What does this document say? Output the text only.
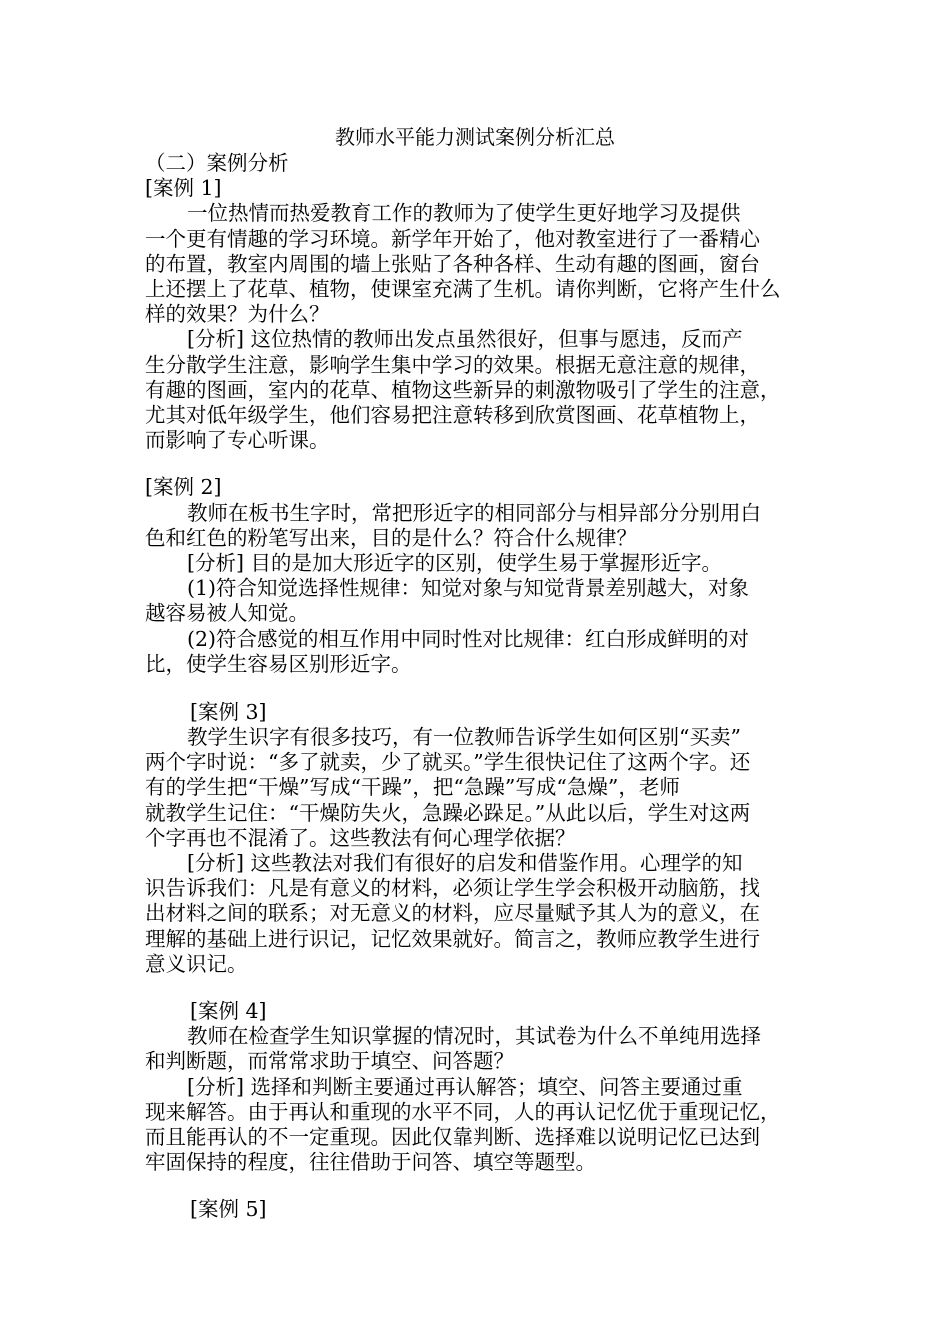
教师水平能力测试案例分析汇总
（二）案例分析
[案例 1]
一位热情而热爱教育工作的教师为了使学生更好地学习及提供
一个更有情趣的学习环境。新学年开始了，他对教室进行了一番精心
的布置，教室内周围的墙上张贴了各种各样、生动有趣的图画，窗台
上还摆上了花草、植物，使课室充满了生机。请你判断，它将产生什么
样的效果？为什么？
[分析] 这位热情的教师出发点虽然很好，但事与愿违，反而产
生分散学生注意，影响学生集中学习的效果。根据无意注意的规律，
有趣的图画，室内的花草、植物这些新异的刺激物吸引了学生的注意，
尤其对低年级学生，他们容易把注意转移到欣赏图画、花草植物上，
而影响了专心听课。
[案例 2]
教师在板书生字时，常把形近字的相同部分与相异部分分别用白
色和红色的粉笔写出来，目的是什么？符合什么规律？
[分析] 目的是加大形近字的区别，使学生易于掌握形近字。
(1)符合知觉选择性规律：知觉对象与知觉背景差别越大，对象
越容易被人知觉。
(2)符合感觉的相互作用中同时性对比规律：红白形成鲜明的对
比，使学生容易区别形近字。
[案例 3]
教学生识字有很多技巧，有一位教师告诉学生如何区别“买卖”
两个字时说：“多了就卖，少了就买。”学生很快记住了这两个字。还
有的学生把“干燥”写成“干躁”，把“急躁”写成“急燥”，老师
就教学生记住：“干燥防失火，急躁必跺足。”从此以后，学生对这两
个字再也不混淆了。这些教法有何心理学依据？
[分析] 这些教法对我们有很好的启发和借鉴作用。心理学的知
识告诉我们：凡是有意义的材料，必须让学生学会积极开动脑筋，找
出材料之间的联系；对无意义的材料，应尽量赋予其人为的意义，在
理解的基础上进行识记，记忆效果就好。简言之，教师应教学生进行
意义识记。
[案例 4]
教师在检查学生知识掌握的情况时，其试卷为什么不单纯用选择
和判断题，而常常求助于填空、问答题？
[分析] 选择和判断主要通过再认解答；填空、问答主要通过重
现来解答。由于再认和重现的水平不同，人的再认记忆优于重现记忆，
而且能再认的不一定重现。因此仅靠判断、选择难以说明记忆已达到
牢固保持的程度，往往借助于问答、填空等题型。
[案例 5]
